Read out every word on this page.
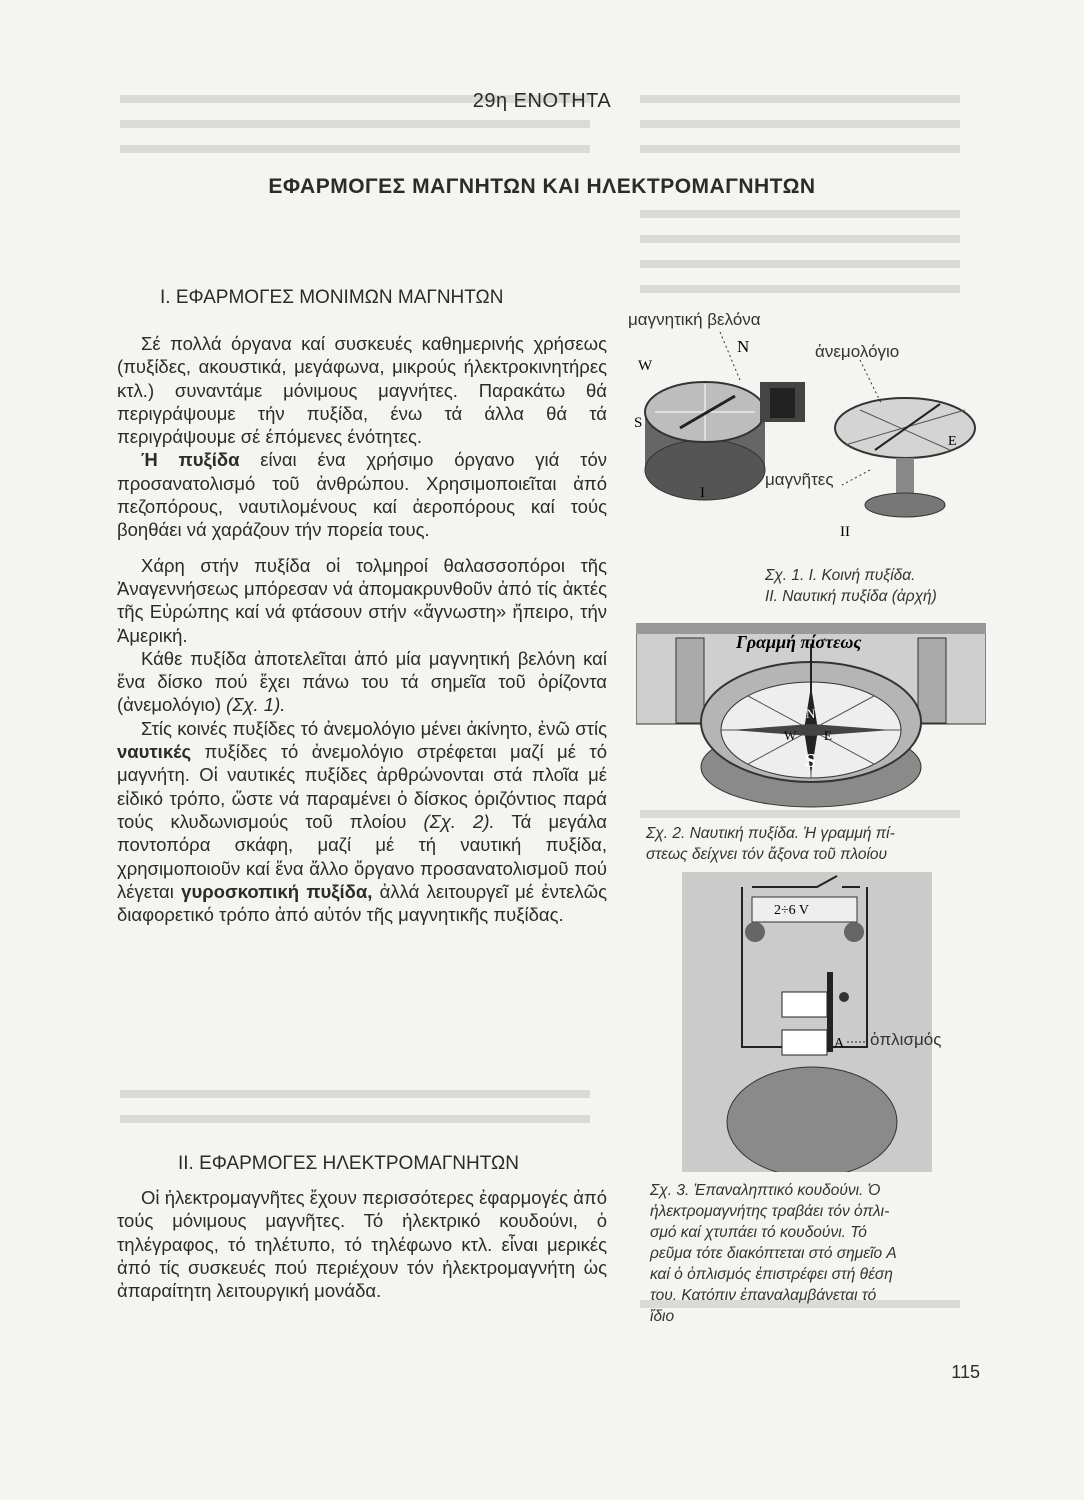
29η ΕΝΟΤΗΤΑ
ΕΦΑΡΜΟΓΕΣ ΜΑΓΝΗΤΩΝ ΚΑΙ ΗΛΕΚΤΡΟΜΑΓΝΗΤΩΝ
Ι. ΕΦΑΡΜΟΓΕΣ ΜΟΝΙΜΩΝ ΜΑΓΝΗΤΩΝ

Σέ πολλά όργανα καί συσκευές καθημερινής χρήσεως (πυξίδες, ακουστικά, μεγάφωνα, μικρούς ήλεκτροκινητήρες κτλ.) συναντάμε μόνιμους μαγνήτες. Παρακάτω θά περιγράψουμε τήν πυξίδα, ένω τά άλλα θά τά περιγράψουμε σέ έπόμενες ένότητες.

Ή πυξίδα είναι ένα χρήσιμο όργανο γιά τόν προσανατολισμό τοῦ ἀνθρώπου. Χρησιμοποιεῖται ἀπό πεζοπόρους, ναυτιλομένους καί ἀεροπόρους καί τούς βοηθάει νά χαράζουν τήν πορεία τους.

Χάρη στήν πυξίδα οἱ τολμηροί θαλασσοπόροι τῆς Ἀναγεννήσεως μπόρεσαν νά ἀπομακρυνθοῦν ἀπό τίς ἀκτές τῆς Εὐρώπης καί νά φτάσουν στήν «ἄγνωστη» ἤπειρο, τήν Ἀμερική.

Κάθε πυξίδα ἀποτελεῖται ἀπό μία μαγνητική βελόνη καί ἕνα δίσκο πού ἔχει πάνω του τά σημεῖα τοῦ ὀρίζοντα (ἀνεμολόγιο) (Σχ. 1).

Στίς κοινές πυξίδες τό ἀνεμολόγιο μένει ἀκίνητο, ἐνῶ στίς ναυτικές πυξίδες τό ἀνεμολόγιο στρέφεται μαζί μέ τό μαγνήτη. Οἱ ναυτικές πυξίδες ἀρθρώνονται στά πλοῖα μέ εἰδικό τρόπο, ὥστε νά παραμένει ὁ δίσκος ὁριζόντιος παρά τούς κλυδωνισμούς τοῦ πλοίου (Σχ. 2). Τά μεγάλα ποντοπόρα σκάφη, μαζί μέ τή ναυτική πυξίδα, χρησιμοποιοῦν καί ἕνα ἄλλο ὄργανο προσανατολισμοῦ πού λέγεται γυροσκοπική πυξίδα, ἀλλά λειτουργεῖ μέ ἐντελῶς διαφορετικό τρόπο ἀπό αὐτόν τῆς μαγνητικῆς πυξίδας.

ΙΙ. ΕΦΑΡΜΟΓΕΣ ΗΛΕΚΤΡΟΜΑΓΝΗΤΩΝ

Οἱ ἠλεκτρομαγνῆτες ἔχουν περισσότερες ἐφαρμογές ἀπό τούς μόνιμους μαγνῆτες. Τό ἠλεκτρικό κουδούνι, ὁ τηλέγραφος, τό τηλέτυπο, τό τηλέφωνο κτλ. εἶναι μερικές ἀπό τίς συσκευές πού περιέχουν τόν ἠλεκτρομαγνήτη ὡς ἀπαραίτητη λειτουργική μονάδα.

W
N
S
E
Ι
ΙΙ
μαγνητική βελόνα
ἀνεμολόγιο
μαγνῆτες
Σχ. 1. Ι. Κοινή πυξίδα.
ΙΙ. Ναυτική πυξίδα (ἀρχή)
N
S
E
W
Γραμμή πίστεως
Σχ. 2. Ναυτική πυξίδα. Ἡ γραμμή πί-
στεως δείχνει τόν ἄξονα τοῦ πλοίου
2÷6 V
A ὁπλισμός
Σχ. 3. Ἐπαναληπτικό κουδούνι. Ὁ
ἠλεκτρομαγνήτης τραβάει τόν ὁπλι-
σμό καί χτυπάει τό κουδούνι. Τό
ρεῦμα τότε διακόπτεται στό σημεῖο A
καί ὁ ὁπλισμός ἐπιστρέφει στή θέση
του. Κατόπιν ἐπαναλαμβάνεται τό
ἴδιο
115
